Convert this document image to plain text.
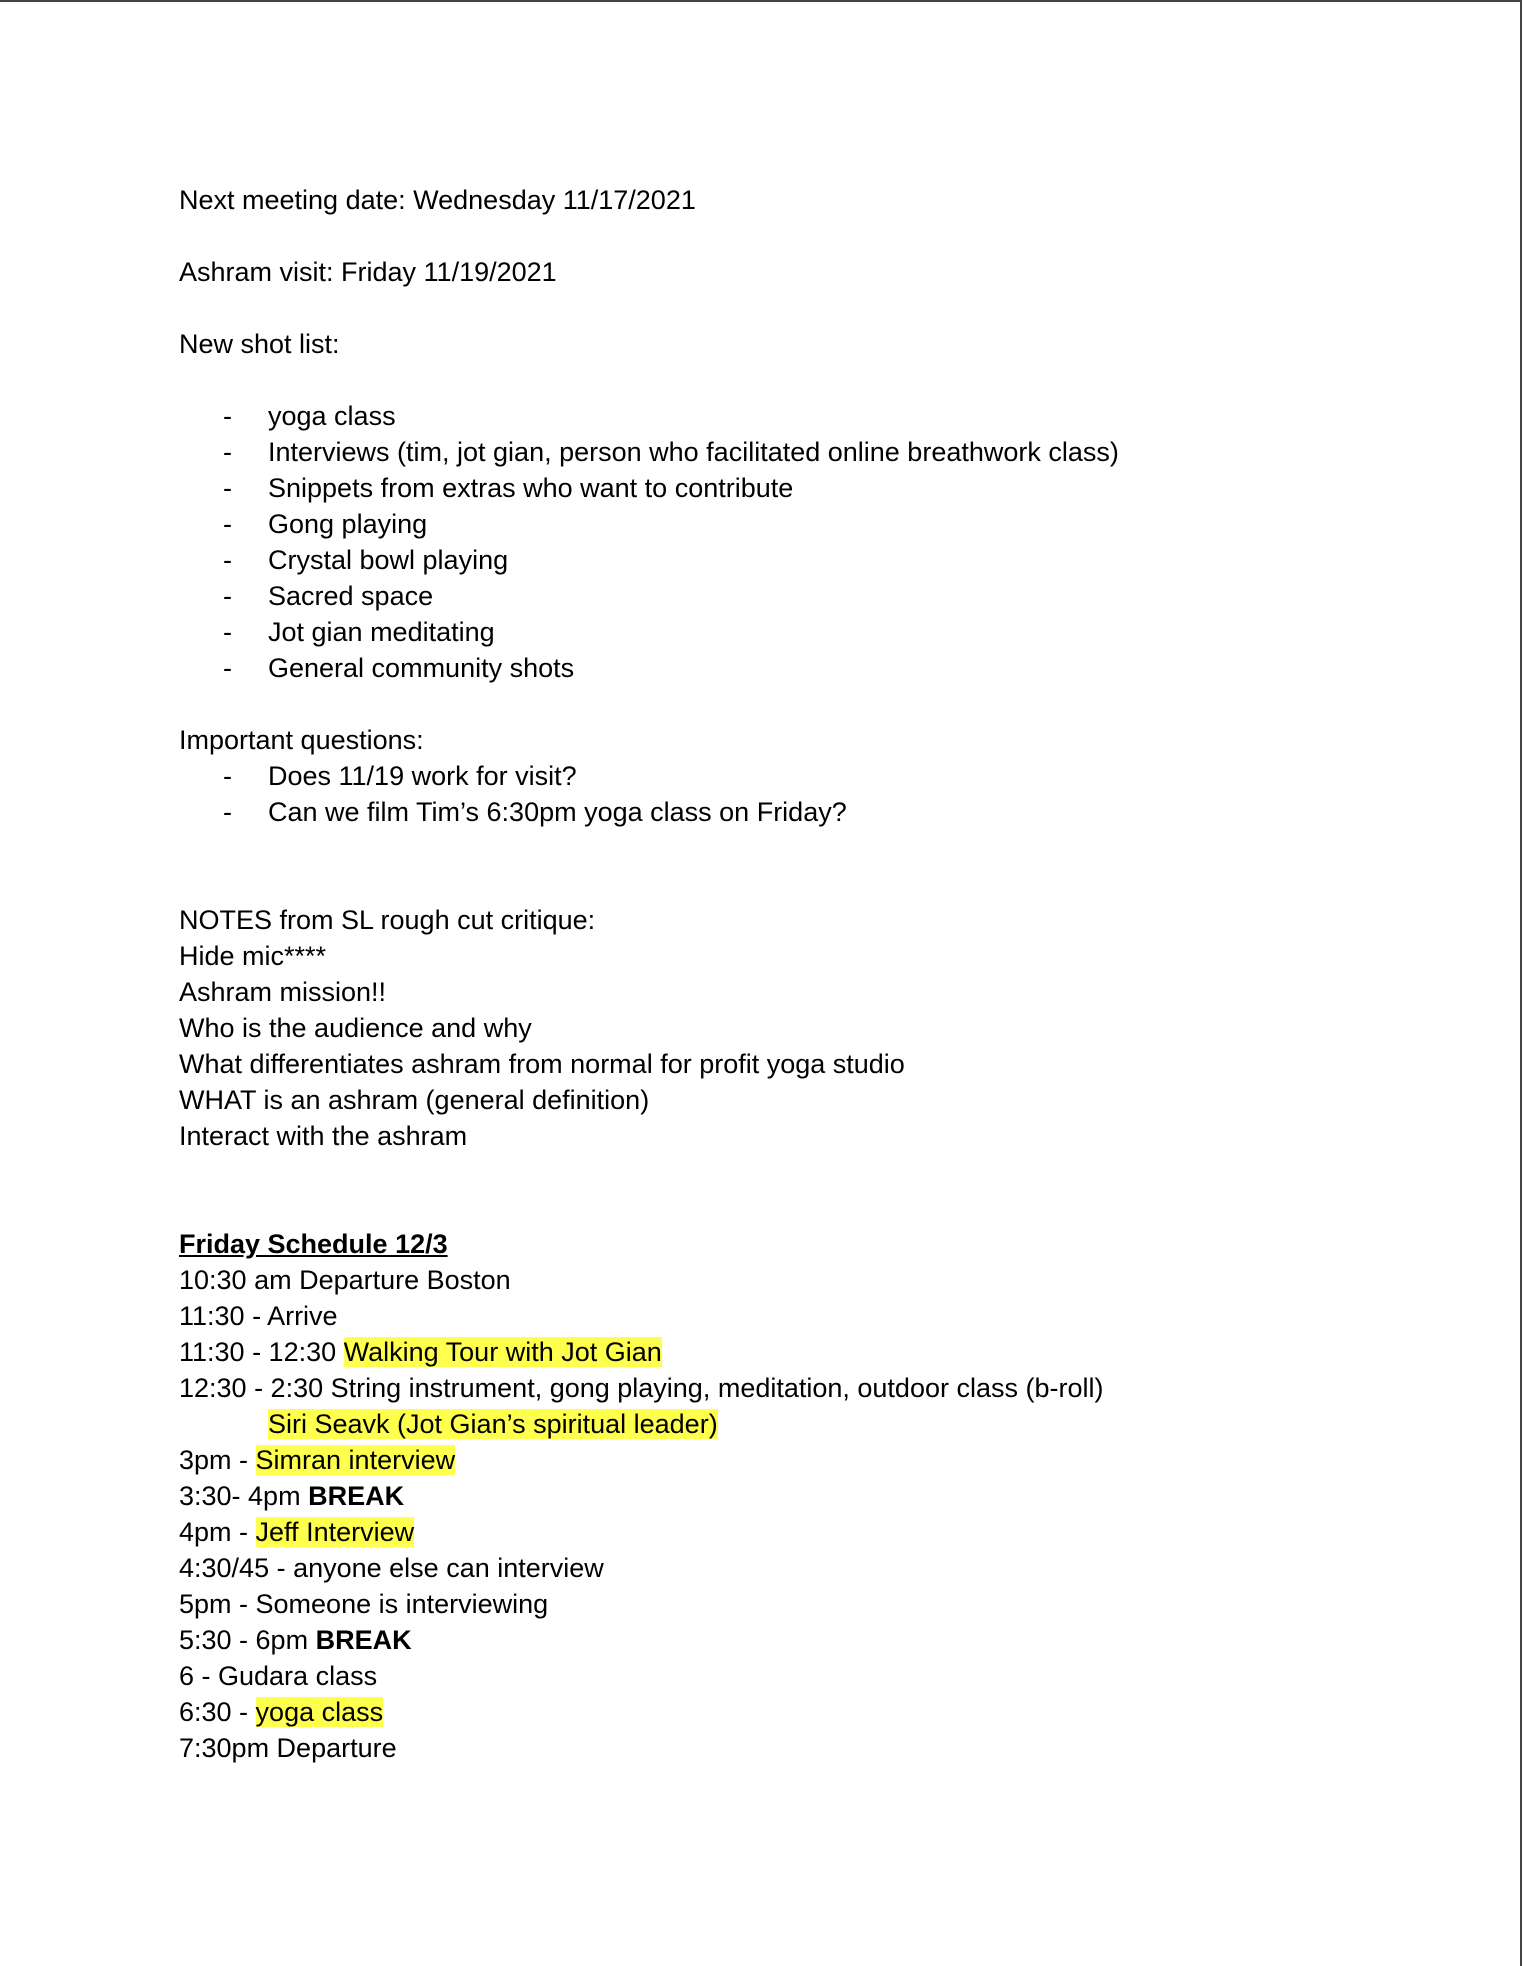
Next meeting date: Wednesday 11/17/2021

Ashram visit: Friday 11/19/2021

New shot list:

- yoga class
- Interviews (tim, jot gian, person who facilitated online breathwork class)
- Snippets from extras who want to contribute
- Gong playing
- Crystal bowl playing
- Sacred space
- Jot gian meditating
- General community shots

Important questions:

- Does 11/19 work for visit?
- Can we film Tim’s 6:30pm yoga class on Friday?

NOTES from SL rough cut critique:

Hide mic****

Ashram mission!!

Who is the audience and why

What differentiates ashram from normal for profit yoga studio

WHAT is an ashram (general definition)

Interact with the ashram

Friday Schedule 12/3

10:30 am Departure Boston

11:30 - Arrive

11:30 - 12:30 Walking Tour with Jot Gian

12:30 - 2:30 String instrument, gong playing, meditation, outdoor class (b-roll)

Siri Seavk (Jot Gian’s spiritual leader)

3pm - Simran interview

3:30- 4pm BREAK

4pm - Jeff Interview

4:30/45 - anyone else can interview

5pm - Someone is interviewing

5:30 - 6pm BREAK

6 - Gudara class

6:30 - yoga class

7:30pm Departure
